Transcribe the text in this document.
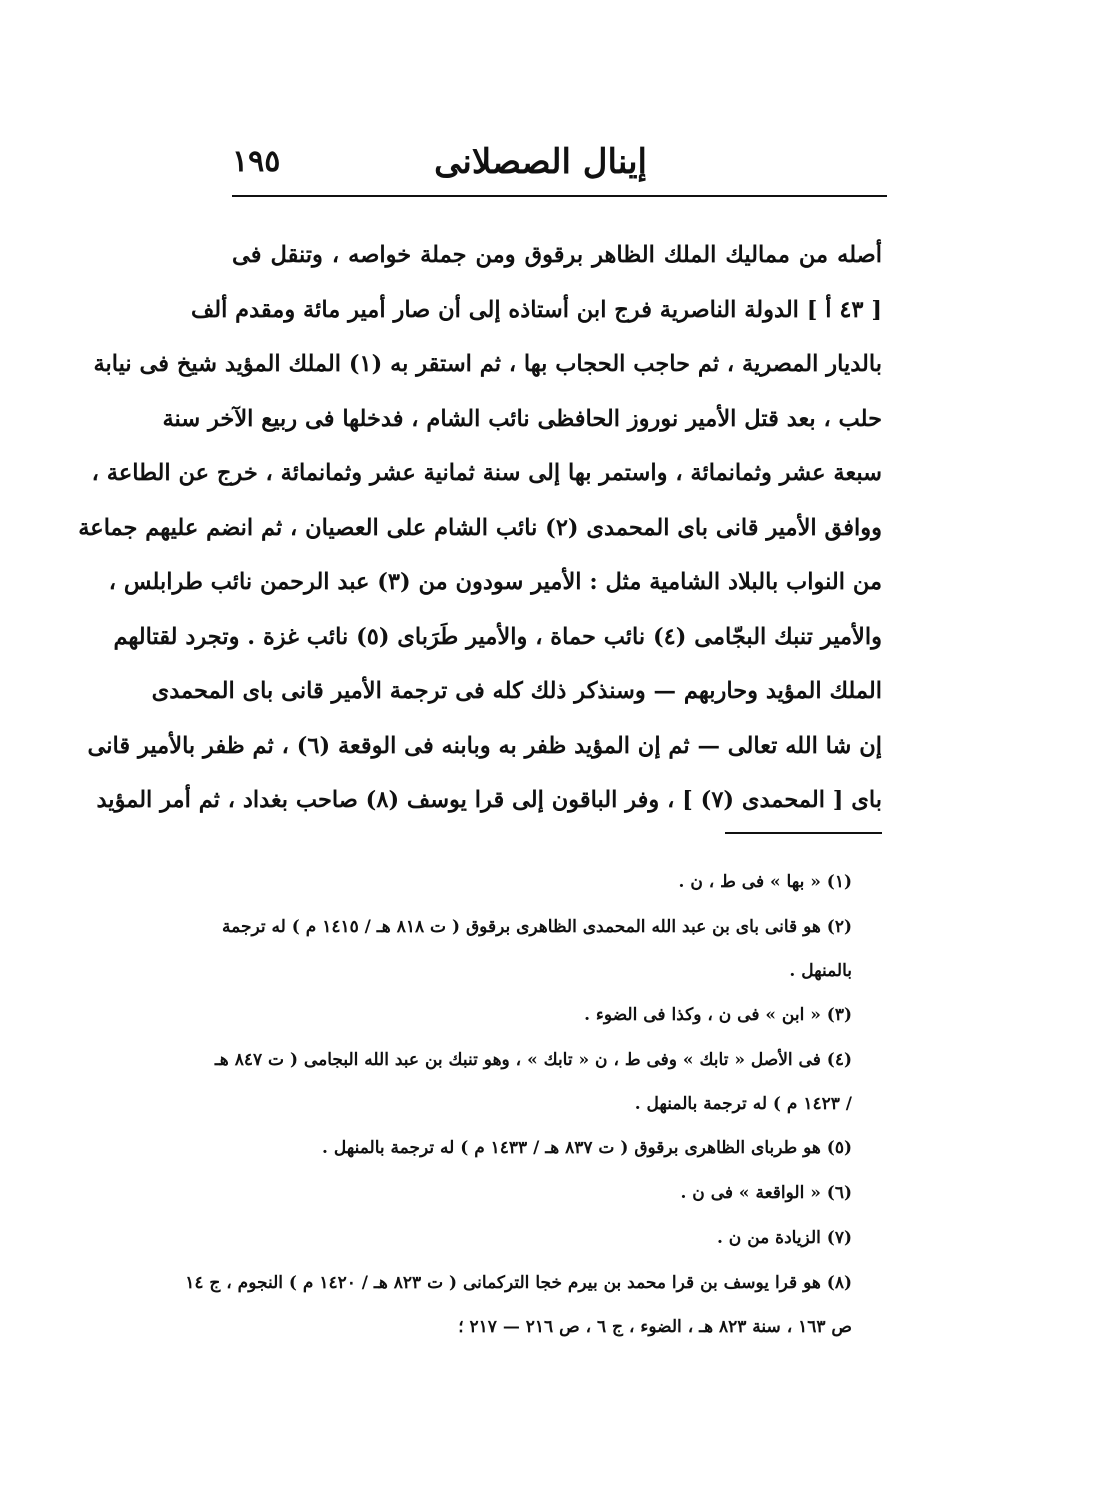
إينال الصصلانى
١٩٥
أصله من مماليك الملك الظاهر برقوق ومن جملة خواصه ، وتنقل فى
[ ٤٣ أ ] الدولة الناصرية فرج ابن أستاذه إلى أن صار أمير مائة ومقدم ألف
بالديار المصرية ، ثم حاجب الحجاب بها ، ثم استقر به (١) الملك المؤيد شيخ فى نيابة
حلب ، بعد قتل الأمير نوروز الحافظى نائب الشام ، فدخلها فى ربيع الآخر سنة
سبعة عشر وثمانمائة ، واستمر بها إلى سنة ثمانية عشر وثمانمائة ، خرج عن الطاعة ،
ووافق الأمير قانى باى المحمدى (٢) نائب الشام على العصيان ، ثم انضم عليهم جماعة
من النواب بالبلاد الشامية مثل : الأمير سودون من (٣) عبد الرحمن نائب طرابلس ،
والأمير تنبك البجّامى (٤) نائب حماة ، والأمير طَرَباى (٥) نائب غزة . وتجرد لقتالهم
الملك المؤيد وحاربهم — وسنذكر ذلك كله فى ترجمة الأمير قانى باى المحمدى
إن شا الله تعالى — ثم إن المؤيد ظفر به وبابنه فى الوقعة (٦) ، ثم ظفر بالأمير قانى
باى [ المحمدى (٧) ] ، وفر الباقون إلى قرا يوسف (٨) صاحب بغداد ، ثم أمر المؤيد
(١) « بها » فى ط ، ن .
(٢) هو قانى باى بن عبد الله المحمدى الظاهرى برقوق ( ت ٨١٨ هـ / ١٤١٥ م ) له ترجمة
بالمنهل .
(٣) « ابن » فى ن ، وكذا فى الضوء .
(٤) فى الأصل « تابك » وفى ط ، ن « تابك » ، وهو تنبك بن عبد الله البجامى ( ت ٨٤٧ هـ
/ ١٤٢٣ م ) له ترجمة بالمنهل .
(٥) هو طرباى الظاهرى برقوق ( ت ٨٣٧ هـ / ١٤٣٣ م ) له ترجمة بالمنهل .
(٦) « الواقعة » فى ن .
(٧) الزيادة من ن .
(٨) هو قرا يوسف بن قرا محمد بن بيرم خجا التركمانى ( ت ٨٢٣ هـ / ١٤٢٠ م ) النجوم ، ج ١٤
ص ١٦٣ ، سنة ٨٢٣ هـ ، الضوء ، ج ٦ ، ص ٢١٦ — ٢١٧ ؛
